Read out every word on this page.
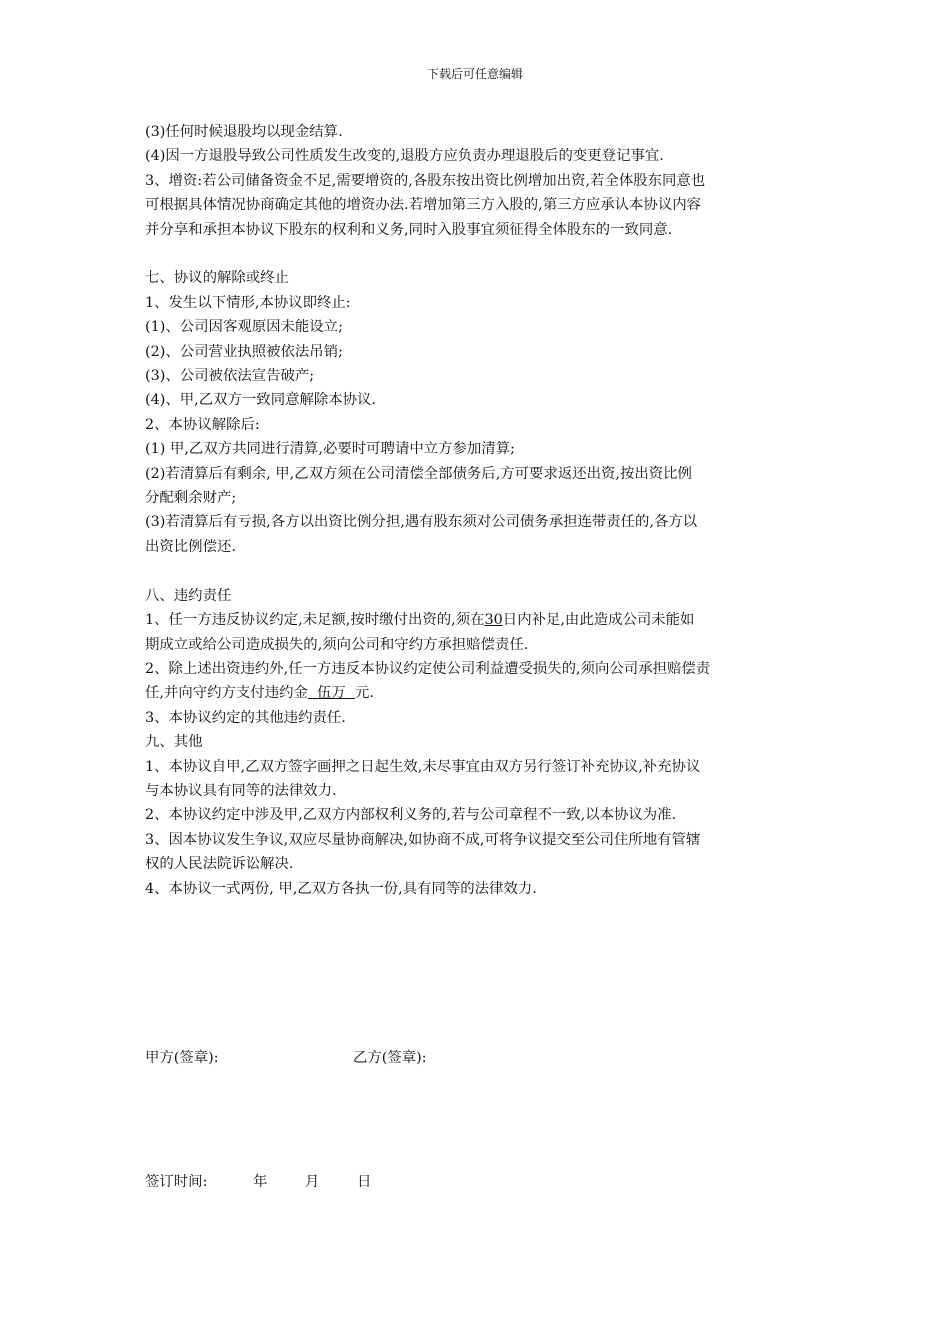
下载后可任意编辑

(3)任何时候退股均以现金结算.

(4)因一方退股导致公司性质发生改变的,退股方应负责办理退股后的变更登记事宜.

3、增资:若公司储备资金不足,需要增资的,各股东按出资比例增加出资,若全体股东同意也

可根据具体情况协商确定其他的增资办法.若增加第三方入股的,第三方应承认本协议内容

并分享和承担本协议下股东的权利和义务,同时入股事宜须征得全体股东的一致同意.

七、协议的解除或终止

1、发生以下情形,本协议即终止:

(1)、公司因客观原因未能设立;

(2)、公司营业执照被依法吊销;

(3)、公司被依法宣告破产;

(4)、甲,乙双方一致同意解除本协议.

2、本协议解除后:

(1) 甲,乙双方共同进行清算,必要时可聘请中立方参加清算;

(2)若清算后有剩余, 甲,乙双方须在公司清偿全部债务后,方可要求返还出资,按出资比例

分配剩余财产;

(3)若清算后有亏损,各方以出资比例分担,遇有股东须对公司债务承担连带责任的,各方以

出资比例偿还.

八、违约责任

1、任一方违反协议约定,未足额,按时缴付出资的,须在30日内补足,由此造成公司未能如

期成立或给公司造成损失的,须向公司和守约方承担赔偿责任.

2、除上述出资违约外,任一方违反本协议约定使公司利益遭受损失的,须向公司承担赔偿责

任,并向守约方支付违约金  伍万  元.

3、本协议约定的其他违约责任.

九、其他

1、本协议自甲,乙双方签字画押之日起生效,未尽事宜由双方另行签订补充协议,补充协议

与本协议具有同等的法律效力.

2、本协议约定中涉及甲,乙双方内部权利义务的,若与公司章程不一致,以本协议为准.

3、因本协议发生争议,双应尽量协商解决,如协商不成,可将争议提交至公司住所地有管辖

权的人民法院诉讼解决.

4、本协议一式两份, 甲,乙双方各执一份,具有同等的法律效力.

甲方(签章):	乙方(签章):
签订时间:	年	月	日
